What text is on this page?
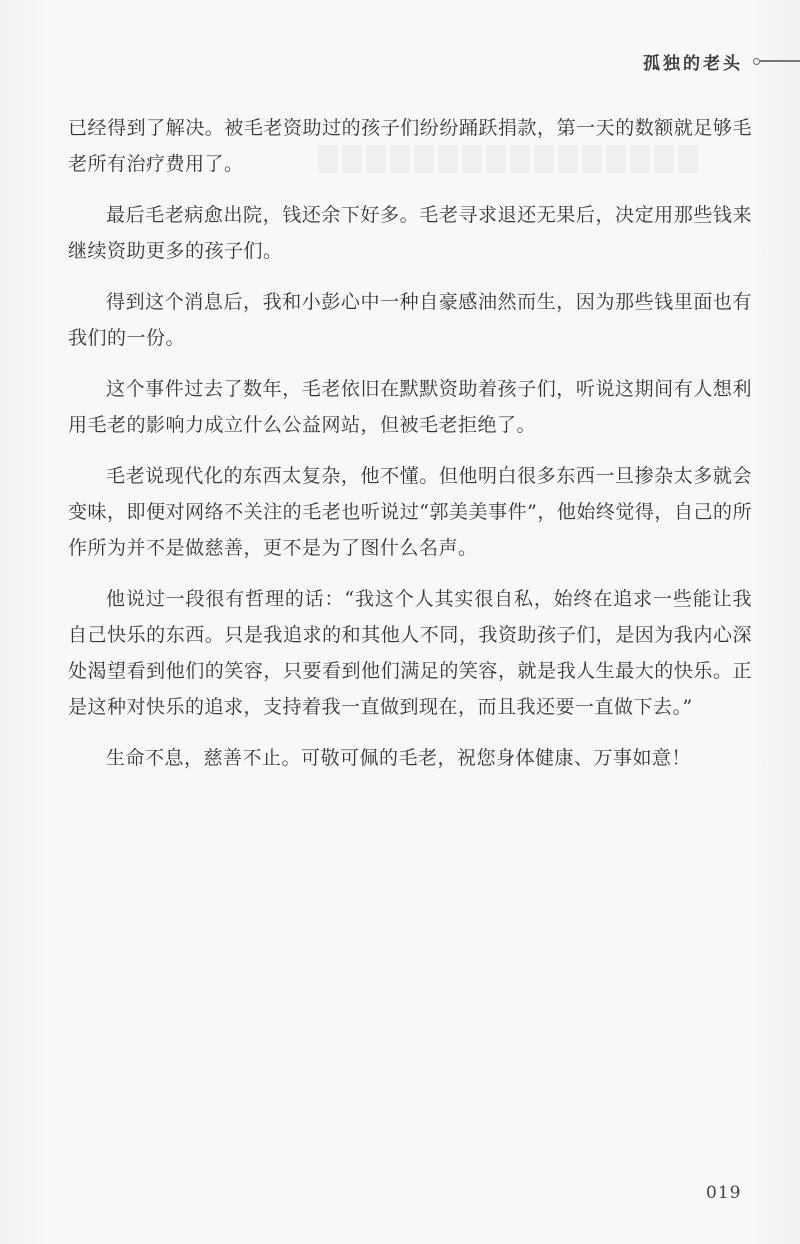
孤独的老头

已经得到了解决。被毛老资助过的孩子们纷纷踊跃捐款，第一天的数额就足够毛老所有治疗费用了。

最后毛老病愈出院，钱还余下好多。毛老寻求退还无果后，决定用那些钱来继续资助更多的孩子们。

得到这个消息后，我和小彭心中一种自豪感油然而生，因为那些钱里面也有我们的一份。

这个事件过去了数年，毛老依旧在默默资助着孩子们，听说这期间有人想利用毛老的影响力成立什么公益网站，但被毛老拒绝了。

毛老说现代化的东西太复杂，他不懂。但他明白很多东西一旦掺杂太多就会变味，即便对网络不关注的毛老也听说过“郭美美事件”，他始终觉得，自己的所作所为并不是做慈善，更不是为了图什么名声。

他说过一段很有哲理的话：“我这个人其实很自私，始终在追求一些能让我自己快乐的东西。只是我追求的和其他人不同，我资助孩子们，是因为我内心深处渴望看到他们的笑容，只要看到他们满足的笑容，就是我人生最大的快乐。正是这种对快乐的追求，支持着我一直做到现在，而且我还要一直做下去。”

生命不息，慈善不止。可敬可佩的毛老，祝您身体健康、万事如意！

019
